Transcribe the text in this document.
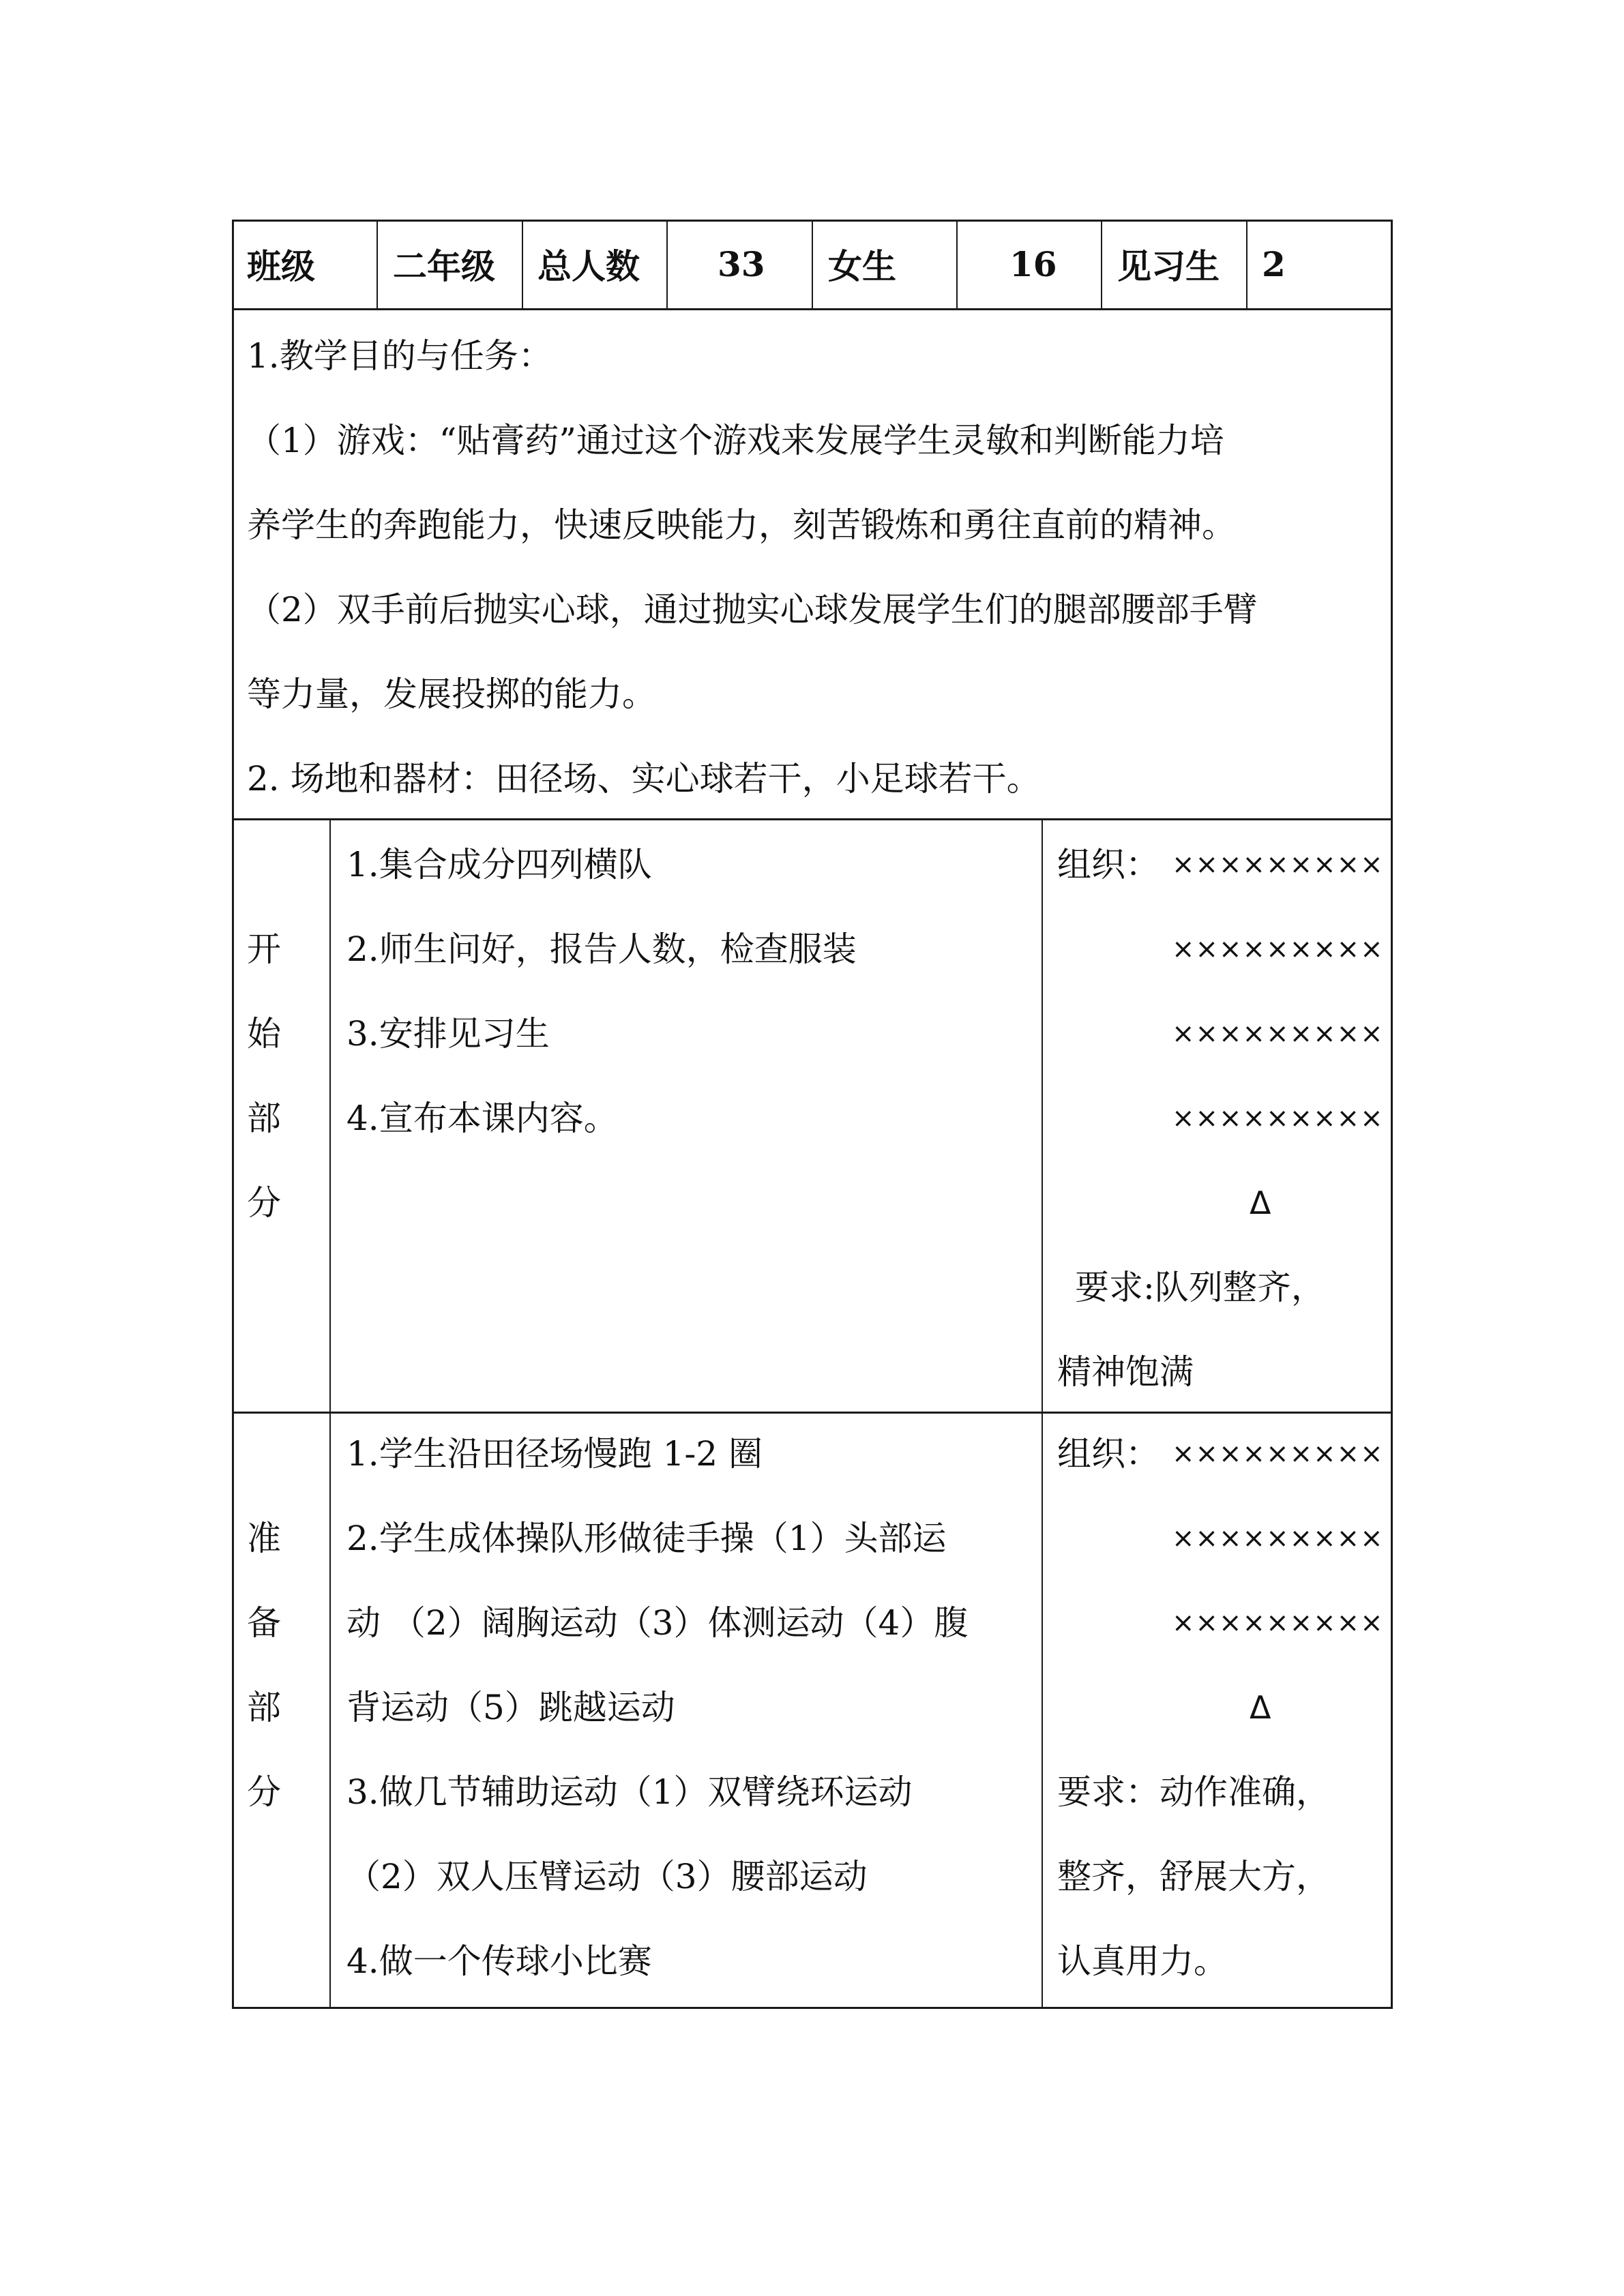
班级 二年级 总人数 33 女生	16 见习生 2
1.教学目的与任务：
（1）游戏：“贴膏药”通过这个游戏来发展学生灵敏和判断能力培
养学生的奔跑能力，快速反映能力，刻苦锻炼和勇往直前的精神。
（2）双手前后抛实心球，通过抛实心球发展学生们的腿部腰部手臂
等力量，发展投掷的能力。
2. 场地和器材：田径场、实心球若干，小足球若干。
开
始
部
分
1.集合成分四列横队
2.师生问好，报告人数，检查服装
3.安排见习生
4.宣布本课内容。
组织： ×××××××××
×××××××××
×××××××××
×××××××××
Δ
要求:队列整齐，
精神饱满
准
备
部
分
1.学生沿田径场慢跑 1-2 圈
2.学生成体操队形做徒手操（1）头部运
动 （2）阔胸运动（3）体测运动（4）腹
背运动（5）跳越运动
3.做几节辅助运动（1）双臂绕环运动
（2）双人压臂运动（3）腰部运动
4.做一个传球小比赛
组织： ×××××××××
×××××××××
×××××××××
Δ
要求：动作准确，
整齐，舒展大方，
认真用力。
